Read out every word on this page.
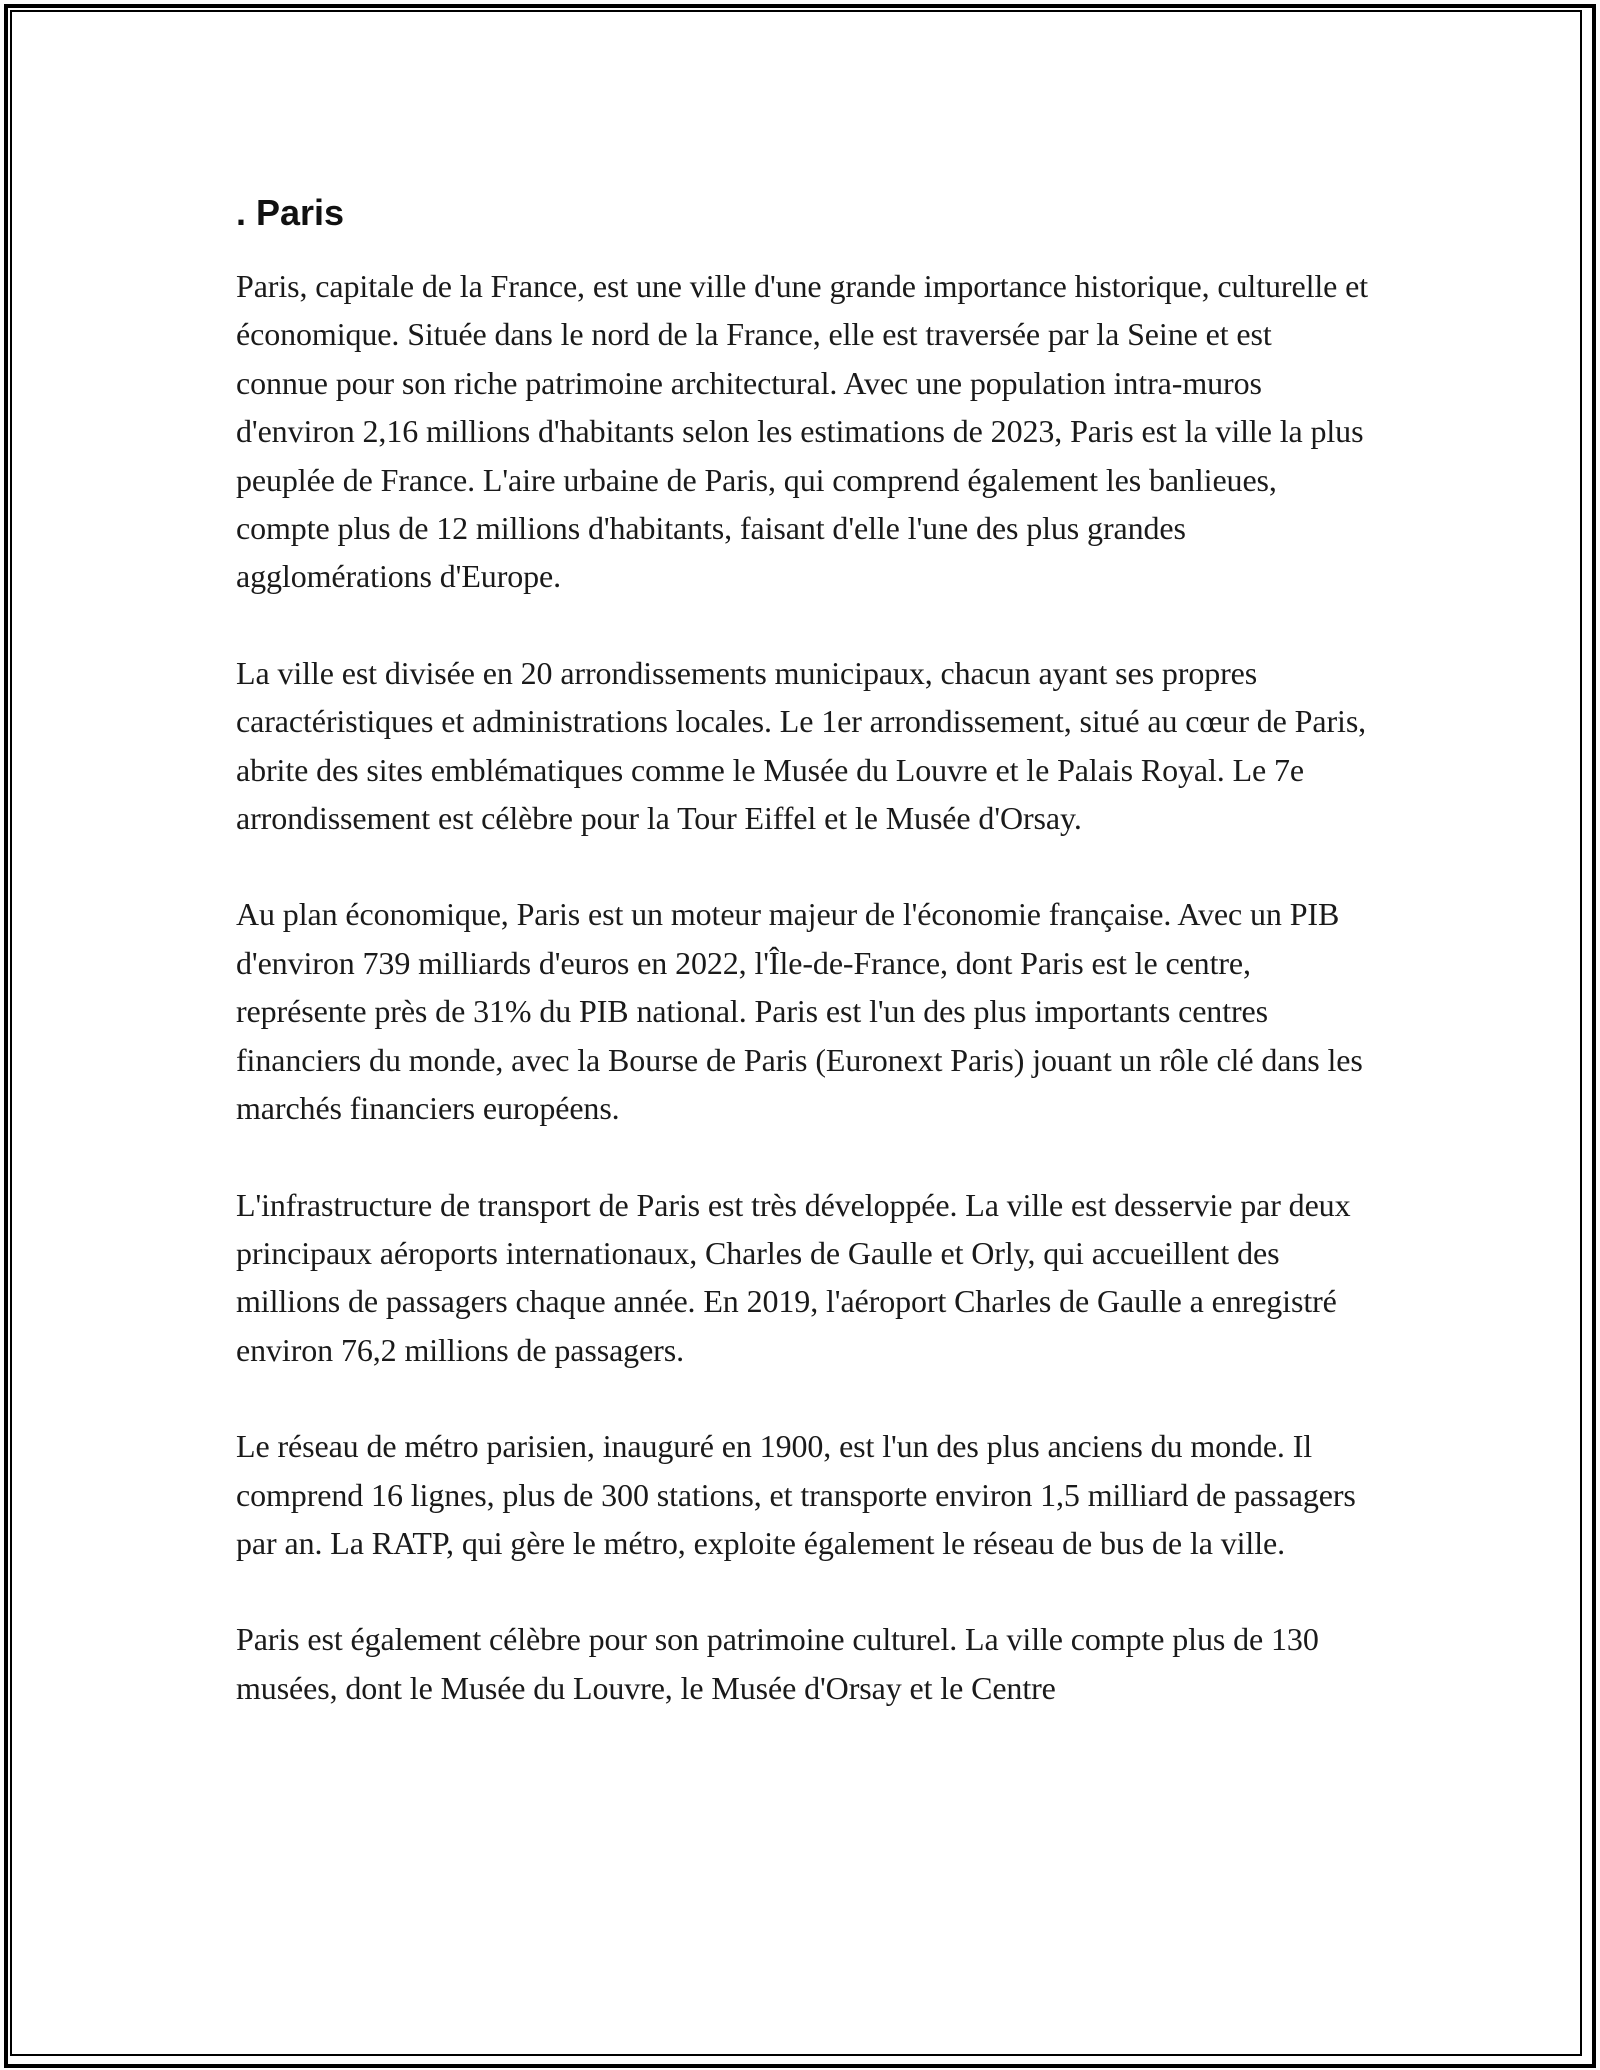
. Paris

Paris, capitale de la France, est une ville d'une grande importance historique, culturelle et économique. Située dans le nord de la France, elle est traversée par la Seine et est connue pour son riche patrimoine architectural. Avec une population intra-muros d'environ 2,16 millions d'habitants selon les estimations de 2023, Paris est la ville la plus peuplée de France. L'aire urbaine de Paris, qui comprend également les banlieues, compte plus de 12 millions d'habitants, faisant d'elle l'une des plus grandes agglomérations d'Europe.

La ville est divisée en 20 arrondissements municipaux, chacun ayant ses propres caractéristiques et administrations locales. Le 1er arrondissement, situé au cœur de Paris, abrite des sites emblématiques comme le Musée du Louvre et le Palais Royal. Le 7e arrondissement est célèbre pour la Tour Eiffel et le Musée d'Orsay.

Au plan économique, Paris est un moteur majeur de l'économie française. Avec un PIB d'environ 739 milliards d'euros en 2022, l'Île-de-France, dont Paris est le centre, représente près de 31% du PIB national. Paris est l'un des plus importants centres financiers du monde, avec la Bourse de Paris (Euronext Paris) jouant un rôle clé dans les marchés financiers européens.

L'infrastructure de transport de Paris est très développée. La ville est desservie par deux principaux aéroports internationaux, Charles de Gaulle et Orly, qui accueillent des millions de passagers chaque année. En 2019, l'aéroport Charles de Gaulle a enregistré environ 76,2 millions de passagers.

Le réseau de métro parisien, inauguré en 1900, est l'un des plus anciens du monde. Il comprend 16 lignes, plus de 300 stations, et transporte environ 1,5 milliard de passagers par an. La RATP, qui gère le métro, exploite également le réseau de bus de la ville.

Paris est également célèbre pour son patrimoine culturel. La ville compte plus de 130 musées, dont le Musée du Louvre, le Musée d'Orsay et le Centre
